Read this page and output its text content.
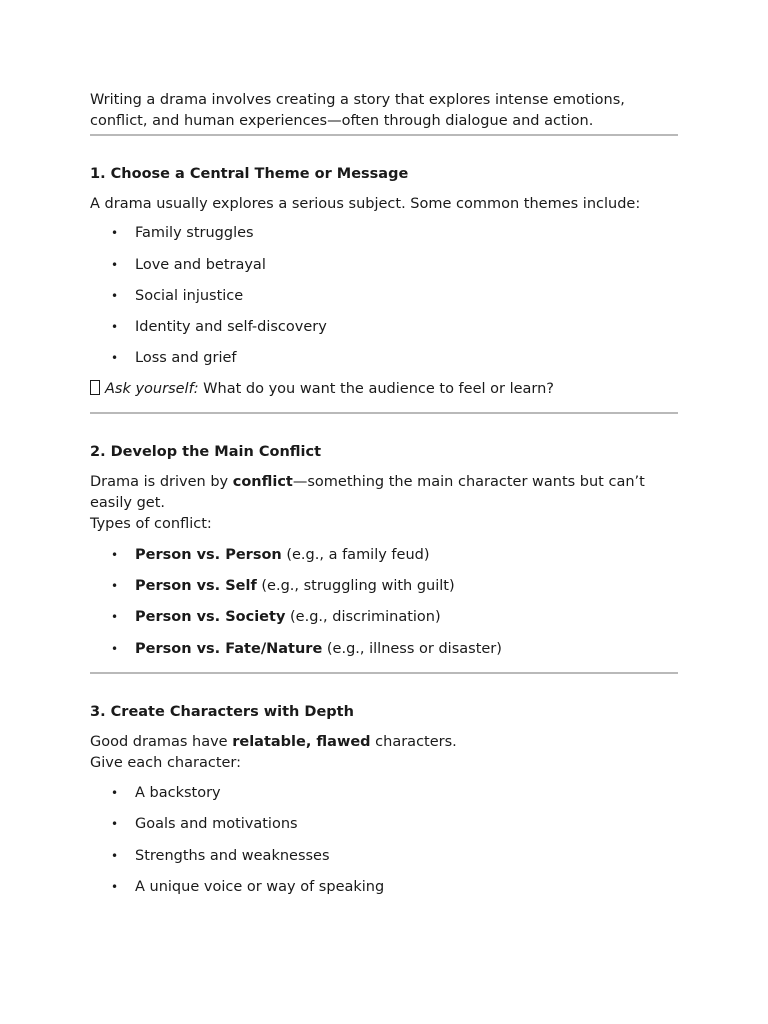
Writing a drama involves creating a story that explores intense emotions, conflict, and human experiences—often through dialogue and action.

1. Choose a Central Theme or Message

A drama usually explores a serious subject. Some common themes include:

• Family struggles
• Love and betrayal
• Social injustice
• Identity and self-discovery
• Loss and grief

Ask yourself: What do you want the audience to feel or learn?

2. Develop the Main Conflict

Drama is driven by conflict—something the main character wants but can’t easily get.

Types of conflict:

• Person vs. Person (e.g., a family feud)
• Person vs. Self (e.g., struggling with guilt)
• Person vs. Society (e.g., discrimination)
• Person vs. Fate/Nature (e.g., illness or disaster)
3. Create Characters with Depth

Good dramas have relatable, flawed characters.

Give each character:

• A backstory
• Goals and motivations
• Strengths and weaknesses
• A unique voice or way of speaking
